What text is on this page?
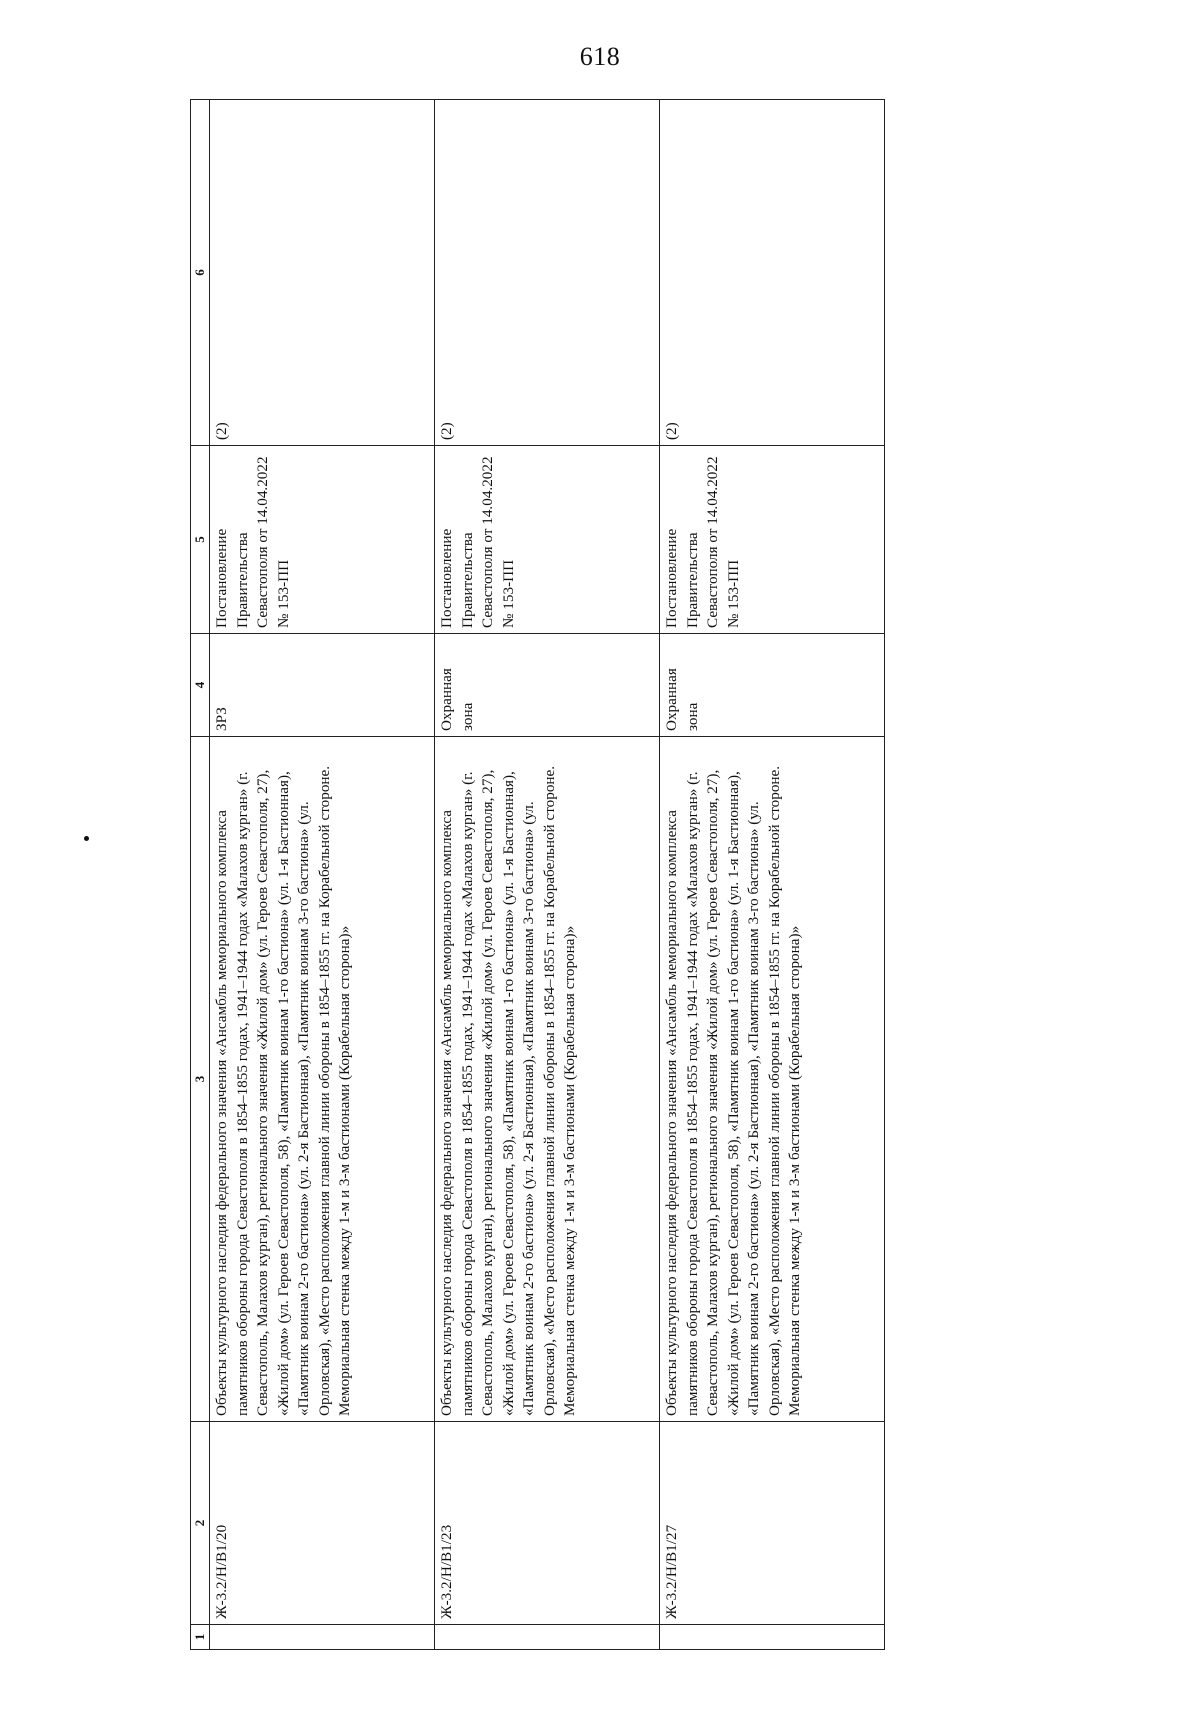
618
1	2	3	4	5	6
	Ж-3.2/Н/В1/20	Объекты культурного наследия федерального значения «Ансамбль мемориального комплекса памятников обороны города Севастополя в 1854–1855 годах, 1941–1944 годах «Малахов курган» (г. Севастополь, Малахов курган), регионального значения «Жилой дом» (ул. Героев Севастополя, 27), «Жилой дом» (ул. Героев Севастополя, 58), «Памятник воинам 1-го бастиона» (ул. 1-я Бастионная), «Памятник воинам 2-го бастиона» (ул. 2-я Бастионная), «Памятник воинам 3-го бастиона» (ул. Орловская), «Место расположения главной линии обороны в 1854–1855 гг. на Корабельной стороне. Мемориальная стенка между 1-м и 3-м бастионами (Корабельная сторона)»	ЗРЗ	Постановление Правительства Севастополя от 14.04.2022 № 153-ПП	(2)
	Ж-3.2/Н/В1/23	Объекты культурного наследия федерального значения «Ансамбль мемориального комплекса памятников обороны города Севастополя в 1854–1855 годах, 1941–1944 годах «Малахов курган» (г. Севастополь, Малахов курган), регионального значения «Жилой дом» (ул. Героев Севастополя, 27), «Жилой дом» (ул. Героев Севастополя, 58), «Памятник воинам 1-го бастиона» (ул. 1-я Бастионная), «Памятник воинам 2-го бастиона» (ул. 2-я Бастионная), «Памятник воинам 3-го бастиона» (ул. Орловская), «Место расположения главной линии обороны в 1854–1855 гг. на Корабельной стороне. Мемориальная стенка между 1-м и 3-м бастионами (Корабельная сторона)»	Охранная зона	Постановление Правительства Севастополя от 14.04.2022 № 153-ПП	(2)
	Ж-3.2/Н/В1/27	Объекты культурного наследия федерального значения «Ансамбль мемориального комплекса памятников обороны города Севастополя в 1854–1855 годах, 1941–1944 годах «Малахов курган» (г. Севастополь, Малахов курган), регионального значения «Жилой дом» (ул. Героев Севастополя, 27), «Жилой дом» (ул. Героев Севастополя, 58), «Памятник воинам 1-го бастиона» (ул. 1-я Бастионная), «Памятник воинам 2-го бастиона» (ул. 2-я Бастионная), «Памятник воинам 3-го бастиона» (ул. Орловская), «Место расположения главной линии обороны в 1854–1855 гг. на Корабельной стороне. Мемориальная стенка между 1-м и 3-м бастионами (Корабельная сторона)»	Охранная зона	Постановление Правительства Севастополя от 14.04.2022 № 153-ПП	(2)
